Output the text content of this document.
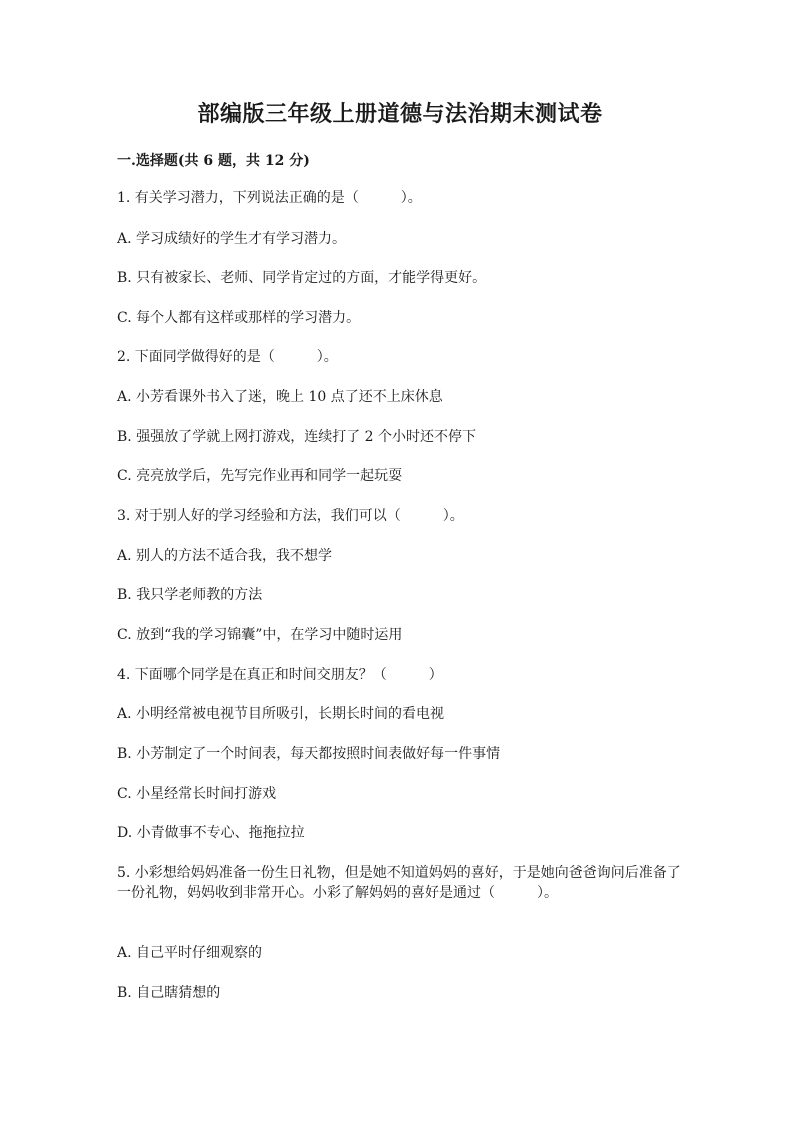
部编版三年级上册道德与法治期末测试卷
一.选择题(共 6 题，共 12 分)
1. 有关学习潜力，下列说法正确的是（　　　）。
A. 学习成绩好的学生才有学习潜力。
B. 只有被家长、老师、同学肯定过的方面，才能学得更好。
C. 每个人都有这样或那样的学习潜力。
2. 下面同学做得好的是（　　　）。
A. 小芳看课外书入了迷，晚上 10 点了还不上床休息
B. 强强放了学就上网打游戏，连续打了 2 个小时还不停下
C. 亮亮放学后，先写完作业再和同学一起玩耍
3. 对于别人好的学习经验和方法，我们可以（　　　）。
A. 别人的方法不适合我，我不想学
B. 我只学老师教的方法
C. 放到“我的学习锦囊”中，在学习中随时运用
4. 下面哪个同学是在真正和时间交朋友？（　　　）
A. 小明经常被电视节目所吸引，长期长时间的看电视
B. 小芳制定了一个时间表，每天都按照时间表做好每一件事情
C. 小星经常长时间打游戏
D. 小青做事不专心、拖拖拉拉
5. 小彩想给妈妈准备一份生日礼物，但是她不知道妈妈的喜好，于是她向爸爸询问后准备了一份礼物，妈妈收到非常开心。小彩了解妈妈的喜好是通过（　　　）。
A. 自己平时仔细观察的
B. 自己瞎猜想的
